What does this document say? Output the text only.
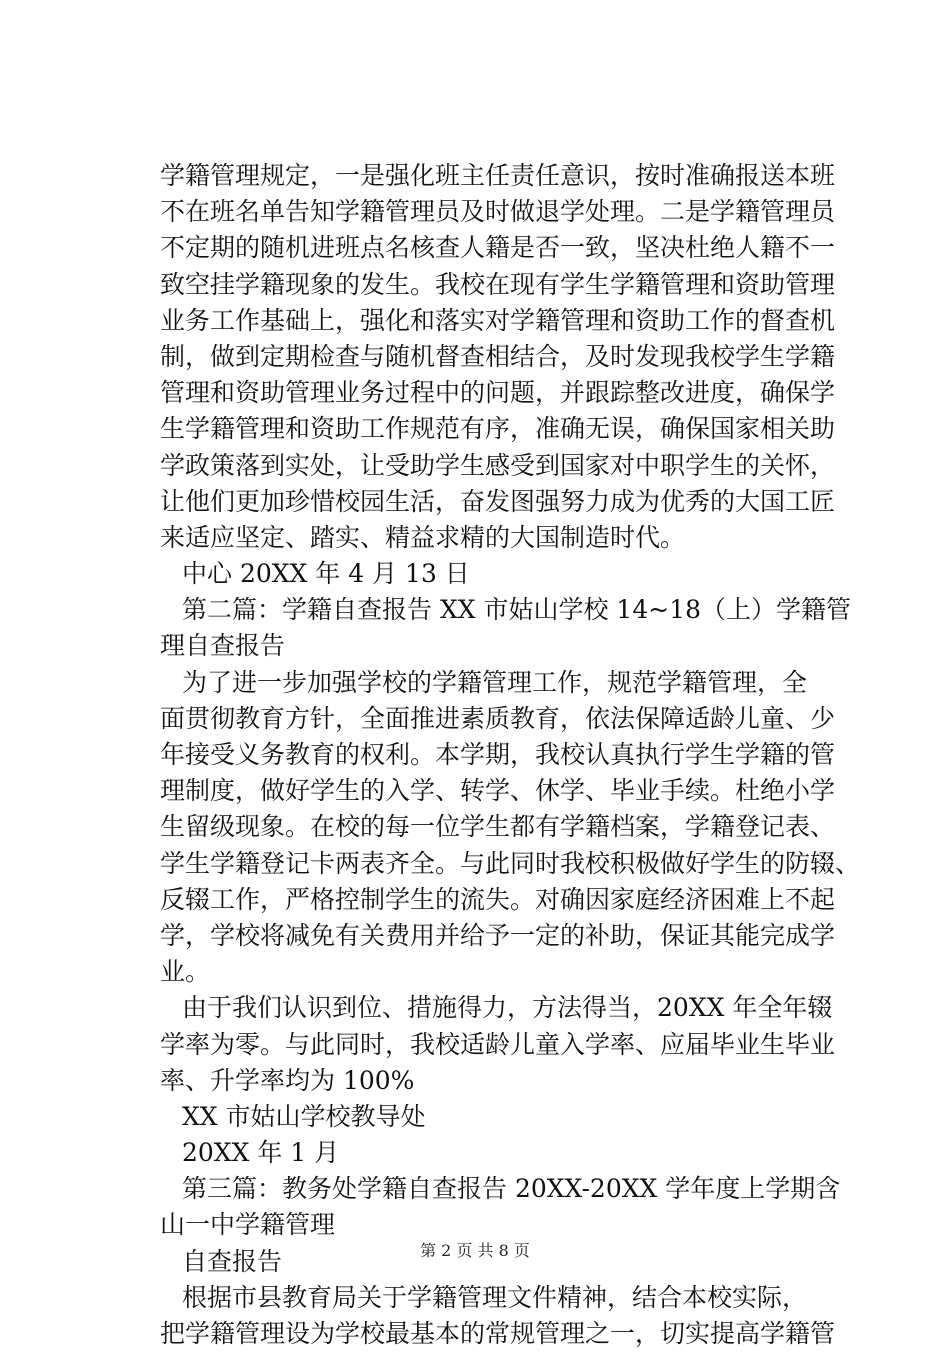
学籍管理规定，一是强化班主任责任意识，按时准确报送本班
不在班名单告知学籍管理员及时做退学处理。二是学籍管理员
不定期的随机进班点名核查人籍是否一致，坚决杜绝人籍不一
致空挂学籍现象的发生。我校在现有学生学籍管理和资助管理
业务工作基础上，强化和落实对学籍管理和资助工作的督查机
制，做到定期检查与随机督查相结合，及时发现我校学生学籍
管理和资助管理业务过程中的问题，并跟踪整改进度，确保学
生学籍管理和资助工作规范有序，准确无误，确保国家相关助
学政策落到实处，让受助学生感受到国家对中职学生的关怀，
让他们更加珍惜校园生活，奋发图强努力成为优秀的大国工匠
来适应坚定、踏实、精益求精的大国制造时代。
中心 20XX 年 4 月 13 日
第二篇：学籍自查报告 XX 市姑山学校 14~18（上）学籍管
理自查报告
为了进一步加强学校的学籍管理工作，规范学籍管理，全
面贯彻教育方针，全面推进素质教育，依法保障适龄儿童、少
年接受义务教育的权利。本学期，我校认真执行学生学籍的管
理制度，做好学生的入学、转学、休学、毕业手续。杜绝小学
生留级现象。在校的每一位学生都有学籍档案，学籍登记表、
学生学籍登记卡两表齐全。与此同时我校积极做好学生的防辍、
反辍工作，严格控制学生的流失。对确因家庭经济困难上不起
学，学校将减免有关费用并给予一定的补助，保证其能完成学
业。
由于我们认识到位、措施得力，方法得当，20XX 年全年辍
学率为零。与此同时，我校适龄儿童入学率、应届毕业生毕业
率、升学率均为 100%
XX 市姑山学校教导处
20XX 年 1 月
第三篇：教务处学籍自查报告 20XX-20XX 学年度上学期含
山一中学籍管理
自查报告
根据市县教育局关于学籍管理文件精神，结合本校实际，
把学籍管理设为学校最基本的常规管理之一，切实提高学籍管
第 2 页 共 8 页
